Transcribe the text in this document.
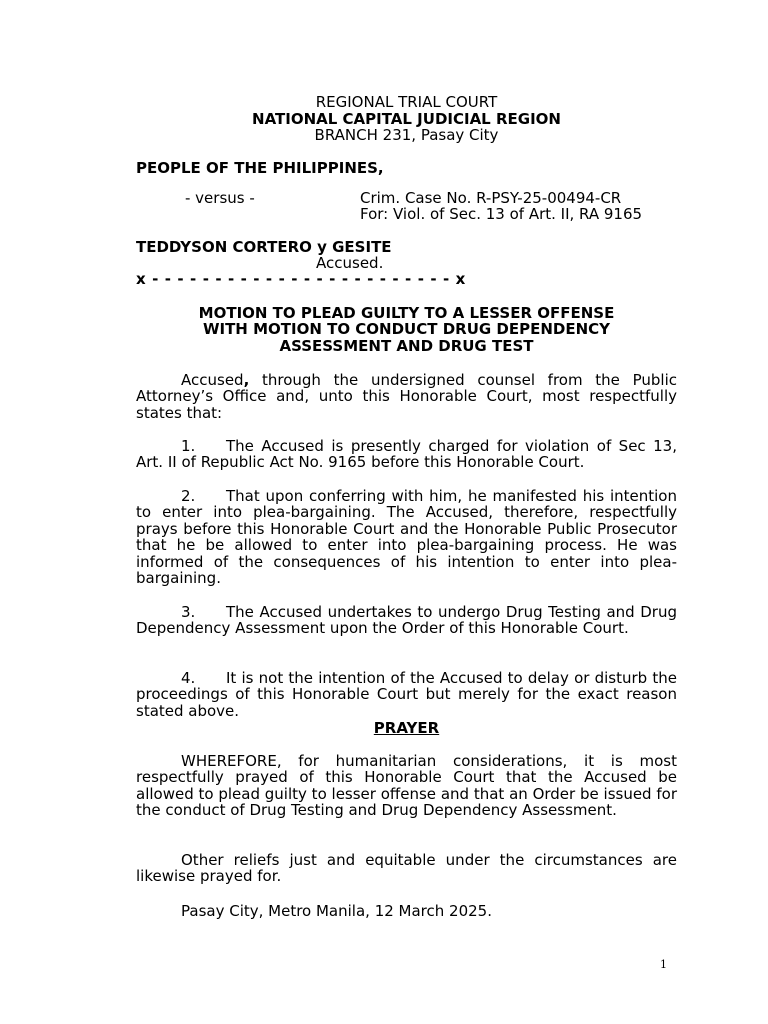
REGIONAL TRIAL COURT
NATIONAL CAPITAL JUDICIAL REGION
BRANCH 231, Pasay City
PEOPLE OF THE PHILIPPINES,
- versus -	Crim. Case No. R-PSY-25-00494-CR
For: Viol. of Sec. 13 of Art. II, RA 9165
TEDDYSON CORTERO y GESITE
Accused.
x - - - - - - - - - - - - - - - - - - - - - - - - x
MOTION TO PLEAD GUILTY TO A LESSER OFFENSE
WITH MOTION TO CONDUCT DRUG DEPENDENCY
ASSESSMENT AND DRUG TEST
Accused, through the undersigned counsel from the Public Attorney’s Office and, unto this Honorable Court, most respectfully states that:
1. The Accused is presently charged for violation of Sec 13, Art. II of Republic Act No. 9165 before this Honorable Court.
2. That upon conferring with him, he manifested his intention to enter into plea-bargaining. The Accused, therefore, respectfully prays before this Honorable Court and the Honorable Public Prosecutor that he be allowed to enter into plea-bargaining process. He was informed of the consequences of his intention to enter into plea-bargaining.
3. The Accused undertakes to undergo Drug Testing and Drug Dependency Assessment upon the Order of this Honorable Court.
4. It is not the intention of the Accused to delay or disturb the proceedings of this Honorable Court but merely for the exact reason stated above.
PRAYER
WHEREFORE, for humanitarian considerations, it is most respectfully prayed of this Honorable Court that the Accused be allowed to plead guilty to lesser offense and that an Order be issued for the conduct of Drug Testing and Drug Dependency Assessment.
Other reliefs just and equitable under the circumstances are likewise prayed for.
Pasay City, Metro Manila, 12 March 2025.
1
